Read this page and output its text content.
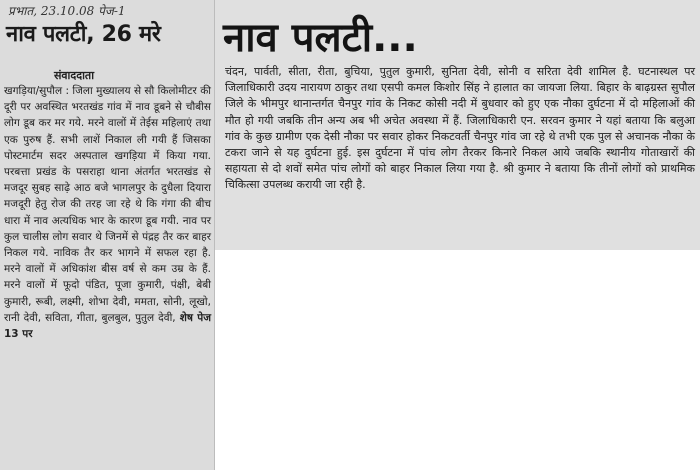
प्रभात, 23.10.08 पेज-1
नाव पलटी, 26 मरे
संवाददाता

खगड़िया/सुपौल : जिला मुख्यालय से सौ किलोमीटर की दूरी पर अवस्थित भरतखंड गांव में नाव डूबने से चौबीस लोग डूब कर मर गये. मरने वालों में तेईस महिलाएं तथा एक पुरुष हैं. सभी लाशें निकाल ली गयी हैं जिसका पोस्टमार्टम सदर अस्पताल खगड़िया में किया गया. परबत्ता प्रखंड के पसराहा थाना अंतर्गत भरतखंड से मजदूर सुबह साढ़े आठ बजे भागलपुर के दुधैला दियारा मजदूरी हेतु रोज की तरह जा रहे थे कि गंगा की बीच धारा में नाव अत्यधिक भार के कारण डूब गयी. नाव पर कुल चालीस लोग सवार थे जिनमें से पंद्रह तैर कर बाहर निकल गये. नाविक तैर कर भागने में सफल रहा है. मरने वालों में अधिकांश बीस वर्ष से कम उम्र के हैं. मरने वालों में फूदो पंडित, पूजा कुमारी, पंक्षी, बेबी कुमारी, रूबी, लक्ष्मी, शोभा देवी, ममता, सोनी, लूखो, रानी देवी, सविता, गीता, बुलबुल, पुतुल देवी, शेष पेज 13 पर

नाव पलटी...

चंदन, पार्वती, सीता, रीता, बुचिया, पुतुल कुमारी, सुनिता देवी, सोनी व सरिता देवी शामिल है. घटनास्थल पर जिलाधिकारी उदय नारायण ठाकुर तथा एसपी कमल किशोर सिंह ने हालात का जायजा लिया. बिहार के बाढ़ग्रस्त सुपौल जिले के भीमपुर थानान्तर्गत चैनपुर गांव के निकट कोसी नदी में बुधवार को हुए एक नौका दुर्घटना में दो महिलाओं की मौत हो गयी जबकि तीन अन्य अब भी अचेत अवस्था में हैं. जिलाधिकारी एन. सरवन कुमार ने यहां बताया कि बलुआ गांव के कुछ ग्रामीण एक देसी नौका पर सवार होकर निकटवर्ती चैनपुर गांव जा रहे थे तभी एक पुल से अचानक नौका के टकरा जाने से यह दुर्घटना हुई. इस दुर्घटना में पांच लोग तैरकर किनारे निकल आये जबकि स्थानीय गोताखारों की सहायता से दो शवों समेत पांच लोगों को बाहर निकाल लिया गया है. श्री कुमार ने बताया कि तीनों लोगों को प्राथमिक चिकित्सा उपलब्ध करायी जा रही है.
